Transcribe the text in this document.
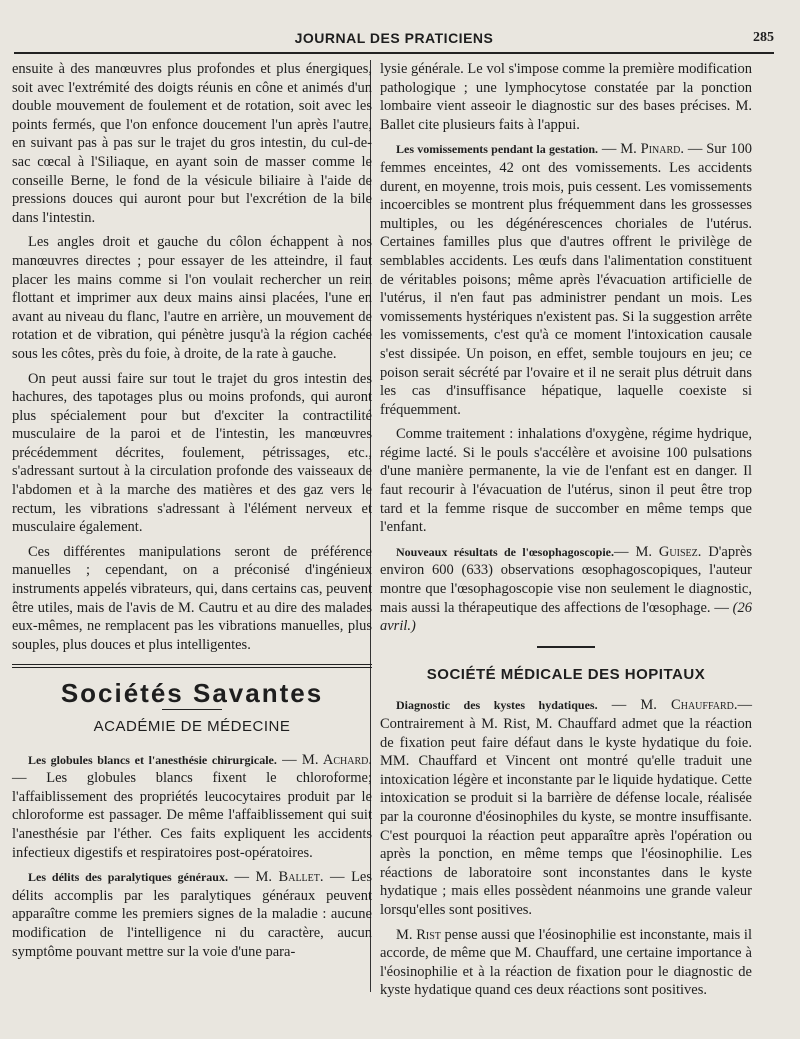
JOURNAL DES PRATICIENS	285

ensuite à des manœuvres plus profondes et plus énergiques, soit avec l'extrémité des doigts réunis en cône et animés d'un double mouvement de foulement et de rotation, soit avec les points fermés, que l'on enfonce doucement l'un après l'autre, en suivant pas à pas sur le trajet du gros intestin, du cul-de-sac cœcal à l'Siliaque, en ayant soin de masser comme le conseille Berne, le fond de la vésicule biliaire à l'aide de pressions douces qui auront pour but l'excrétion de la bile dans l'intestin.

Les angles droit et gauche du côlon échappent à nos manœuvres directes ; pour essayer de les atteindre, il faut placer les mains comme si l'on voulait rechercher un rein flottant et imprimer aux deux mains ainsi placées, l'une en avant au niveau du flanc, l'autre en arrière, un mouvement de rotation et de vibration, qui pénètre jusqu'à la région cachée sous les côtes, près du foie, à droite, de la rate à gauche.

On peut aussi faire sur tout le trajet du gros intestin des hachures, des tapotages plus ou moins profonds, qui auront plus spécialement pour but d'exciter la contractilité musculaire de la paroi et de l'intestin, les manœuvres précédemment décrites, foulement, pétrissages, etc., s'adressant surtout à la circulation profonde des vaisseaux de l'abdomen et à la marche des matières et des gaz vers le rectum, les vibrations s'adressant à l'élément nerveux et musculaire également.

Ces différentes manipulations seront de préférence manuelles ; cependant, on a préconisé d'ingénieux instruments appelés vibrateurs, qui, dans certains cas, peuvent être utiles, mais de l'avis de M. Cautru et au dire des malades eux-mêmes, ne remplacent pas les vibrations manuelles, plus souples, plus douces et plus intelligentes.

Sociétés Savantes
ACADÉMIE DE MÉDECINE

Les globules blancs et l'anesthésie chirurgicale. — M. Achard. — Les globules blancs fixent le chloroforme; l'affaiblissement des propriétés leucocytaires produit par le chloroforme est passager. De même l'affaiblissement qui suit l'anesthésie par l'éther. Ces faits expliquent les accidents infectieux digestifs et respiratoires post-opératoires.

Les délits des paralytiques généraux. — M. Ballet. — Les délits accomplis par les paralytiques généraux peuvent apparaître comme les premiers signes de la maladie : aucune modification de l'intelligence ni du caractère, aucun symptôme pouvant mettre sur la voie d'une para-

lysie générale. Le vol s'impose comme la première modification pathologique ; une lymphocytose constatée par la ponction lombaire vient asseoir le diagnostic sur des bases précises. M. Ballet cite plusieurs faits à l'appui.

Les vomissements pendant la gestation. — M. Pinard. — Sur 100 femmes enceintes, 42 ont des vomissements. Les accidents durent, en moyenne, trois mois, puis cessent. Les vomissements incoercibles se montrent plus fréquemment dans les grossesses multiples, ou les dégénérescences choriales de l'utérus. Certaines familles plus que d'autres offrent le privilège de semblables accidents. Les œufs dans l'alimentation constituent de véritables poisons; même après l'évacuation artificielle de l'utérus, il n'en faut pas administrer pendant un mois. Les vomissements hystériques n'existent pas. Si la suggestion arrête les vomissements, c'est qu'à ce moment l'intoxication causale s'est dissipée. Un poison, en effet, semble toujours en jeu; ce poison serait sécrété par l'ovaire et il ne serait plus détruit dans les cas d'insuffisance hépatique, laquelle coexiste si fréquemment.

Comme traitement : inhalations d'oxygène, régime hydrique, régime lacté. Si le pouls s'accélère et avoisine 100 pulsations d'une manière permanente, la vie de l'enfant est en danger. Il faut recourir à l'évacuation de l'utérus, sinon il peut être trop tard et la femme risque de succomber en même temps que l'enfant.

Nouveaux résultats de l'œsophagoscopie.— M. Guisez. D'après environ 600 (633) observations œsophagoscopiques, l'auteur montre que l'œsophagoscopie vise non seulement le diagnostic, mais aussi la thérapeutique des affections de l'œsophage. — (26 avril.)

SOCIÉTÉ MÉDICALE DES HOPITAUX

Diagnostic des kystes hydatiques. — M. Chauffard.— Contrairement à M. Rist, M. Chauffard admet que la réaction de fixation peut faire défaut dans le kyste hydatique du foie. MM. Chauffard et Vincent ont montré qu'elle traduit une intoxication légère et inconstante par le liquide hydatique. Cette intoxication se produit si la barrière de défense locale, réalisée par la couronne d'éosinophiles du kyste, se montre insuffisante. C'est pourquoi la réaction peut apparaître après l'opération ou après la ponction, en même temps que l'éosinophilie. Les réactions de laboratoire sont inconstantes dans le kyste hydatique ; mais elles possèdent néanmoins une grande valeur lorsqu'elles sont positives.

M. Rist pense aussi que l'éosinophilie est inconstante, mais il accorde, de même que M. Chauffard, une certaine importance à l'éosinophilie et à la réaction de fixation pour le diagnostic de kyste hydatique quand ces deux réactions sont positives.
